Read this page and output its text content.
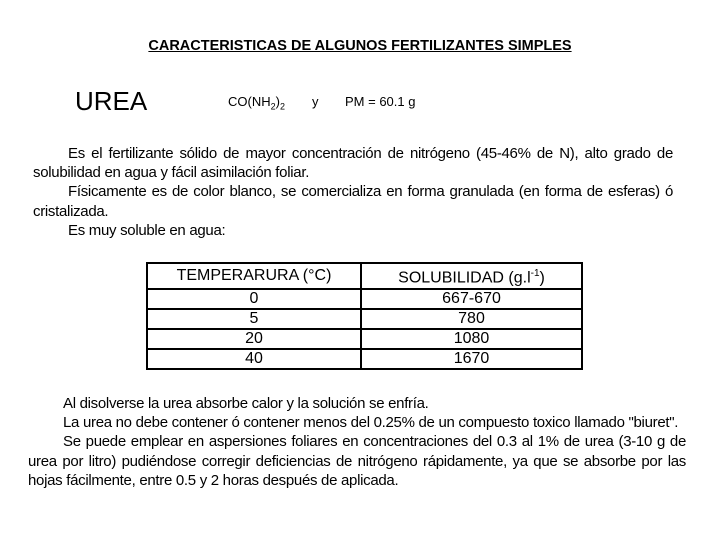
CARACTERISTICAS DE ALGUNOS FERTILIZANTES SIMPLES
UREA	$CO(NH_2)_2$ y PM = 60.1 g

Es el fertilizante sólido de mayor concentración de nitrógeno (45-46% de N), alto grado de solubilidad en agua y fácil asimilación foliar.

Físicamente es de color blanco, se comercializa en forma granulada (en forma de esferas) ó cristalizada.

Es muy soluble en agua:

TEMPERARURA (°C)	SOLUBILIDAD $(g.l^{-1})$
0	667-670
5	780
20	1080
40	1670

Al disolverse la urea absorbe calor y la solución se enfría.

La urea no debe contener ó contener menos del 0.25% de un compuesto toxico llamado "biuret".

Se puede emplear en aspersiones foliares en concentraciones del 0.3 al 1% de urea (3-10 g de urea por litro) pudiéndose corregir deficiencias de nitrógeno rápidamente, ya que se absorbe por las hojas fácilmente, entre 0.5 y 2 horas después de aplicada.
